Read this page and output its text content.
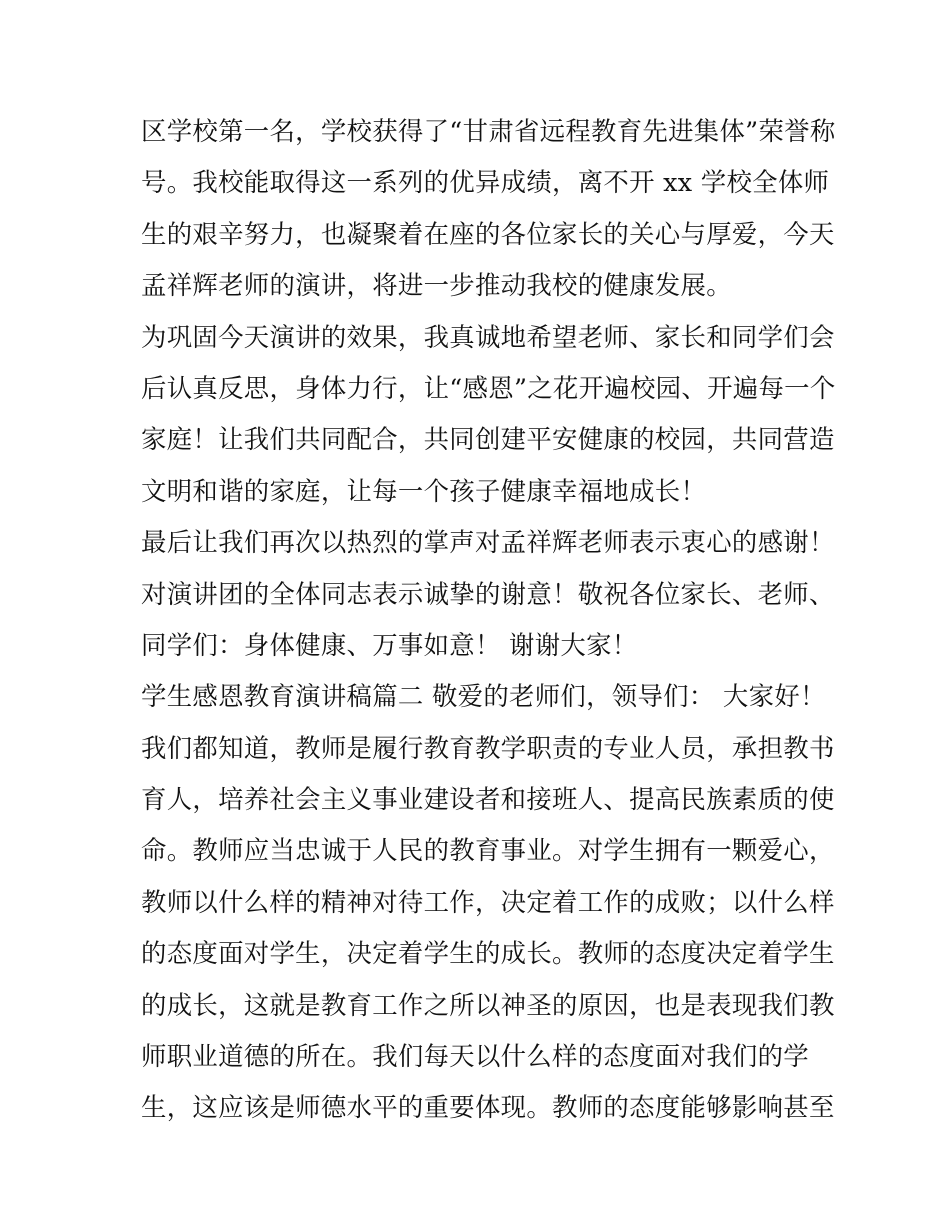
区学校第一名，学校获得了“甘肃省远程教育先进集体”荣誉称
号。我校能取得这一系列的优异成绩，离不开 xx 学校全体师
生的艰辛努力，也凝聚着在座的各位家长的关心与厚爱，今天
孟祥辉老师的演讲，将进一步推动我校的健康发展。
为巩固今天演讲的效果，我真诚地希望老师、家长和同学们会
后认真反思，身体力行，让“感恩”之花开遍校园、开遍每一个
家庭！让我们共同配合，共同创建平安健康的校园，共同营造
文明和谐的家庭，让每一个孩子健康幸福地成长！
最后让我们再次以热烈的掌声对孟祥辉老师表示衷心的感谢！
对演讲团的全体同志表示诚挚的谢意！敬祝各位家长、老师、
同学们：身体健康、万事如意！ 谢谢大家！
学生感恩教育演讲稿篇二 敬爱的老师们，领导们： 大家好！
我们都知道，教师是履行教育教学职责的专业人员，承担教书
育人，培养社会主义事业建设者和接班人、提高民族素质的使
命。教师应当忠诚于人民的教育事业。对学生拥有一颗爱心，
教师以什么样的精神对待工作，决定着工作的成败；以什么样
的态度面对学生，决定着学生的成长。教师的态度决定着学生
的成长，这就是教育工作之所以神圣的原因，也是表现我们教
师职业道德的所在。我们每天以什么样的态度面对我们的学
生，这应该是师德水平的重要体现。教师的态度能够影响甚至
